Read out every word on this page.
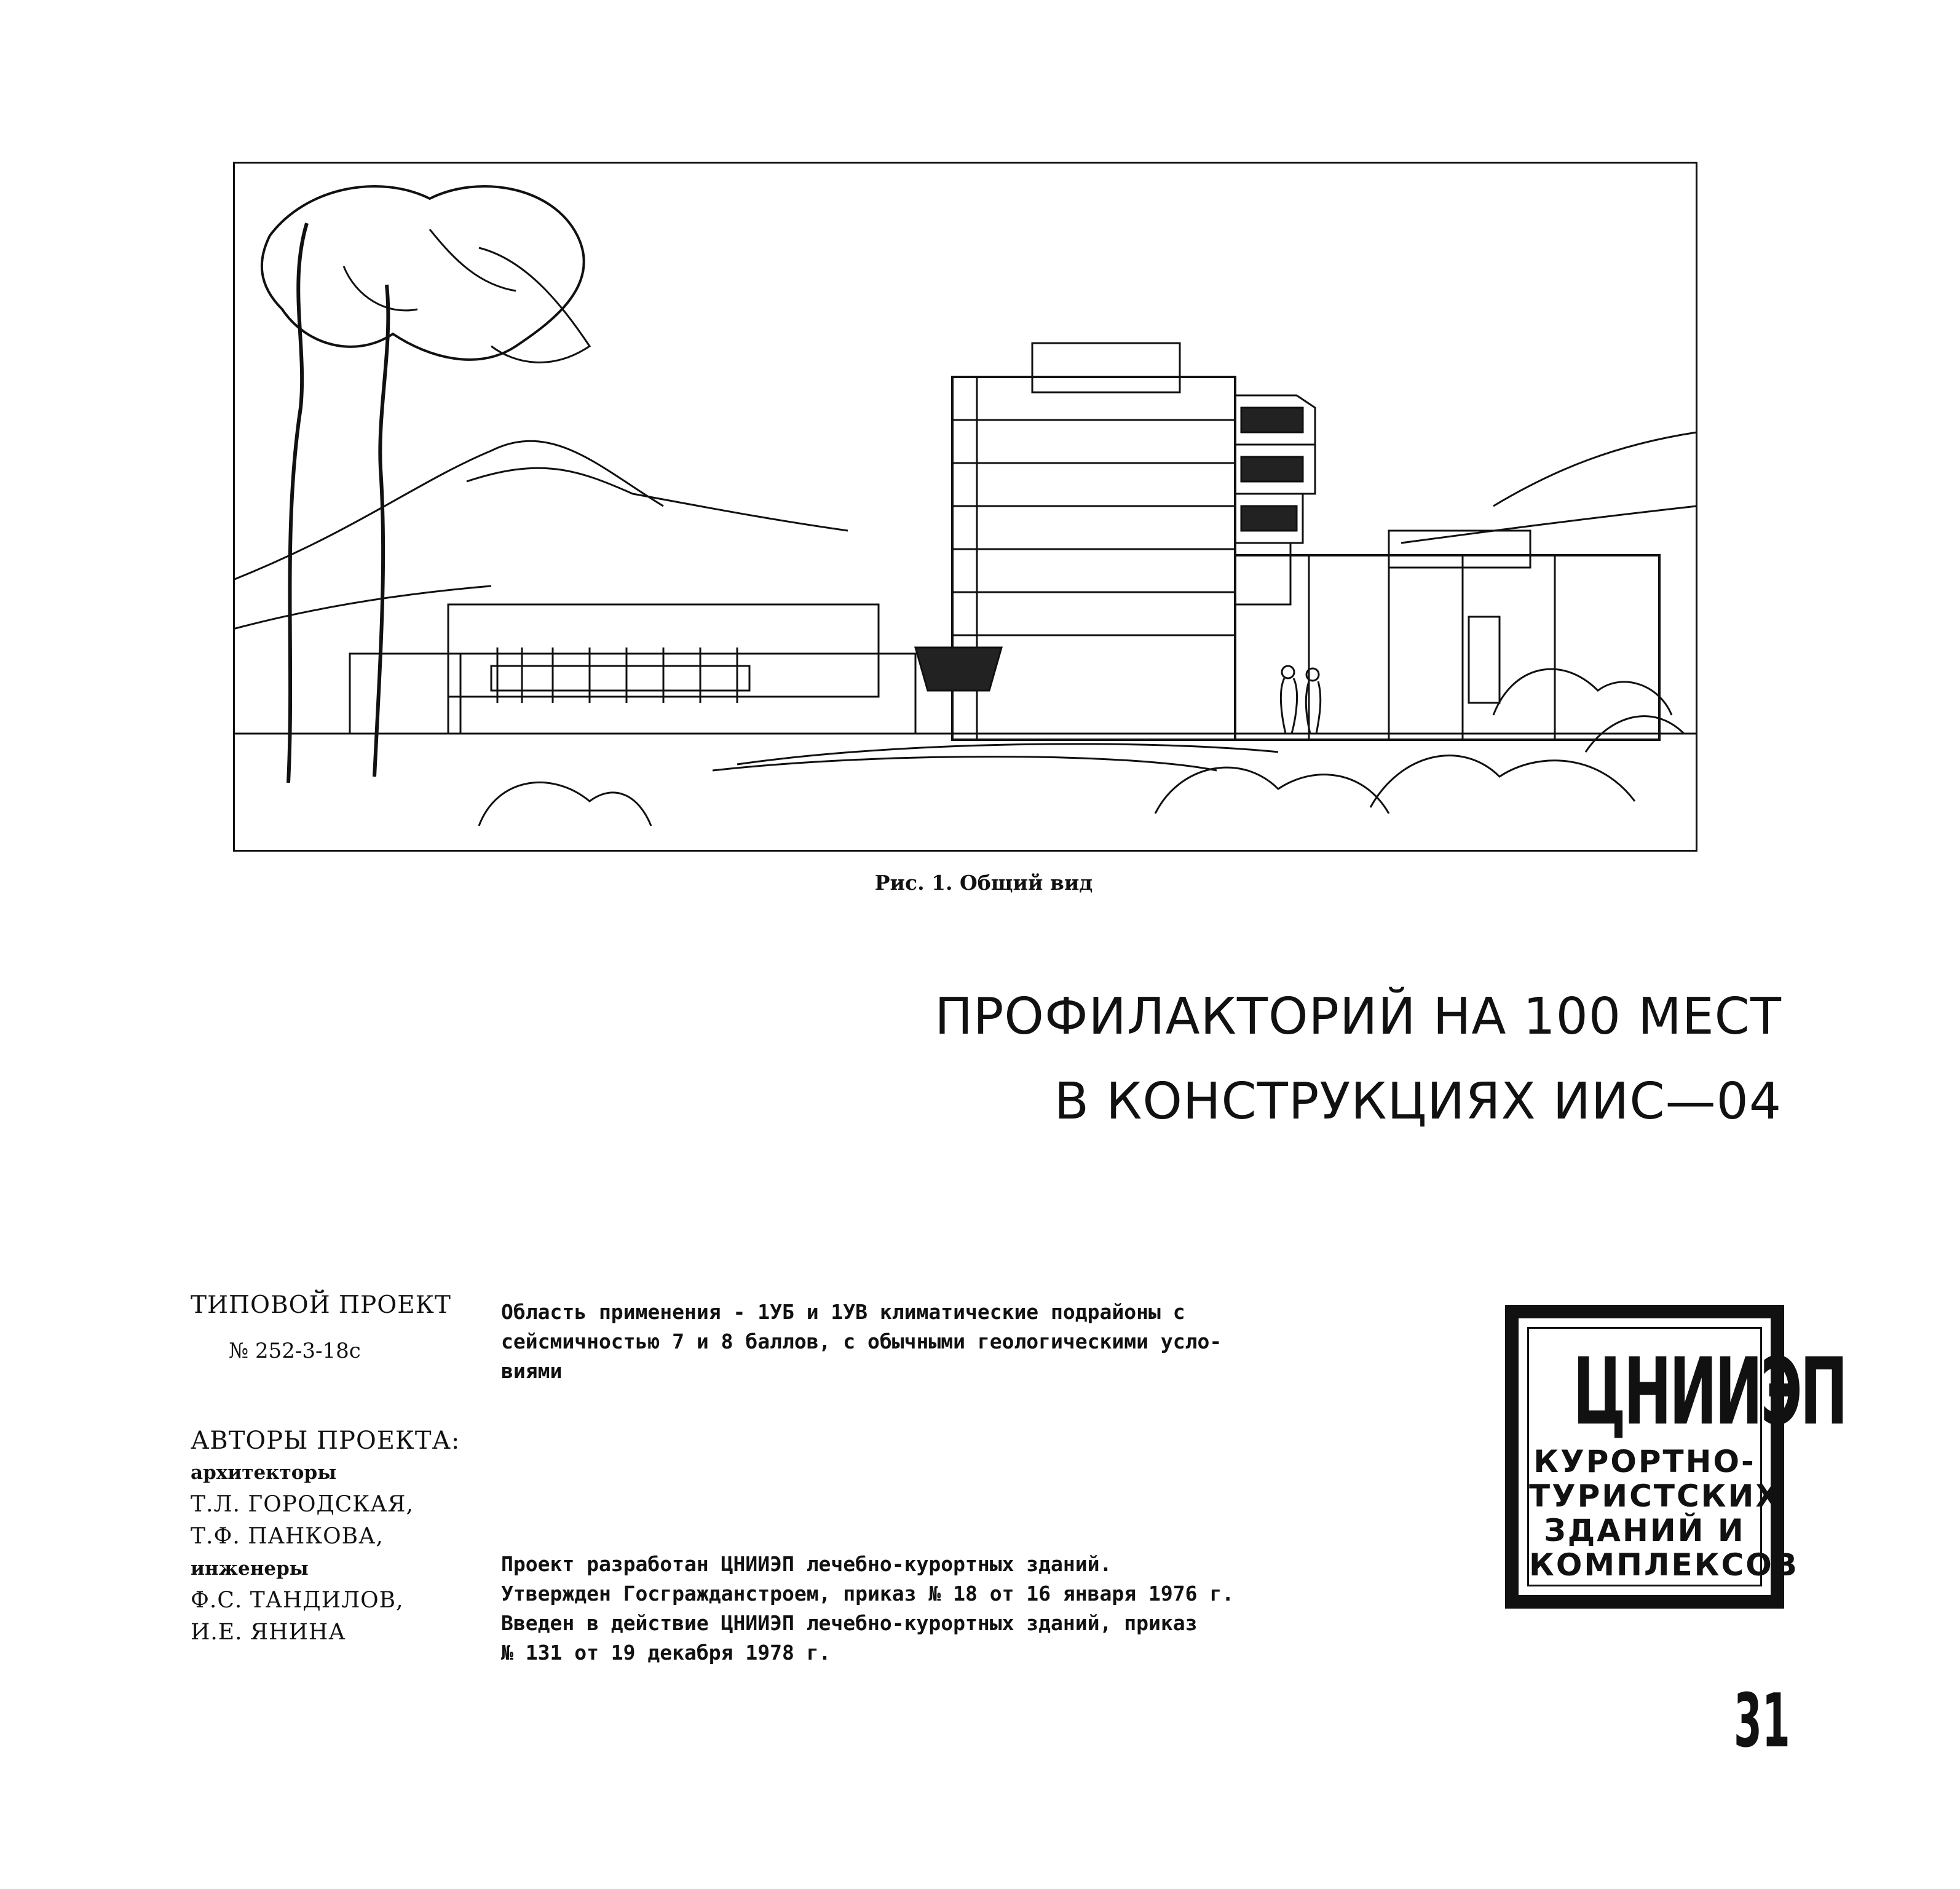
Рис. 1. Общий вид
ПРОФИЛАКТОРИЙ НА 100 МЕСТ
В КОНСТРУКЦИЯХ ИИС—04
ТИПОВОЙ ПРОЕКТ
№ 252-3-18с
АВТОРЫ ПРОЕКТА:
архитекторы
Т.Л. ГОРОДСКАЯ,
Т.Ф. ПАНКОВА,
инженеры
Ф.С. ТАНДИЛОВ,
И.Е. ЯНИНА
Область применения - 1УБ и 1УВ климатические подрайоны с
сейсмичностью 7 и 8 баллов, с обычными геологическими усло-
виями
Проект разработан ЦНИИЭП лечебно-курортных зданий.
Утвержден Госгражданстроем, приказ № 18 от 16 января 1976 г.
Введен в действие ЦНИИЭП лечебно-курортных зданий, приказ
№ 131 от 19 декабря 1978 г.
ЦНИИЭП
КУРОРТНО-
ТУРИСТСКИХ
ЗДАНИЙ И
КОМПЛЕКСОВ
31
